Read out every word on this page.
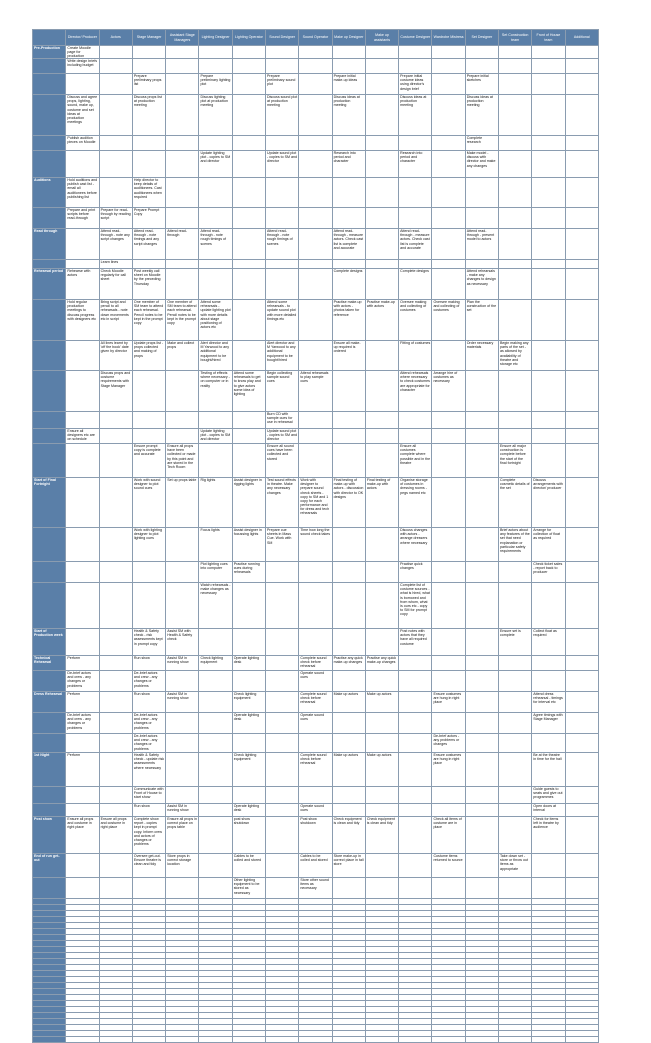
	Director/ Producer	Actors	Stage Manager	Assistant Stage Managers	Lighting Designer	Lighting Operator	Sound Designer	Sound Operator	Make up Designer	Make up assistants	Costume Designer	Wardrobe Mistress	Set Designer	Set Construction team	Front of House team	Additional
Pre-Production	Create Moodle page for production															
	Write design briefs including budget															
			Prepare preliminary props list		Prepare preliminary lighting plot		Prepare preliminary sound plot		Prepare initial make-up ideas		Prepare initial costume ideas using director's design brief		Prepare initial sketches			
	Discuss and agree props, lighting, sound, make up, costume and set ideas at production meetings		Discuss props list at production meeting		Discuss lighting plot at production meeting		Discuss sound plot at production meeting		Discuss ideas at production meeting		Discuss ideas at production meeting		Discuss ideas at production meeting			
	Publish audition pieces on Moodle												Complete research			
					Update lighting plot - copies to SM and director		Update sound plot - copies to SM and director		Research into period and character		Research into period and character		Make model - discuss with director and make any changes			
Auditions	Hold auditions and publish cast list - email all auditionees before publishing list		Help director to keep details of auditionees. Cast auditionees when required													
	Prepare and print scripts before read-through	Prepare for read-through by reading script	Prepare Prompt Copy													
Read through		Attend read-through - note any script changes	Attend read-through - note timings and any script changes	Attend read-through	Attend read-through - note rough timings of scenes		Attend read-through - note rough timings of scenes		Attend read-through - measure actors. Check cast list is complete and accurate		Attend read-through - measure actors. Check cast list is complete and accurate		Attend read-through - present model to actors			
		Learn lines														
Rehearsal period	Rehearse with actors	Check Moodle regularly for call sheet	Post weekly call sheet on Moodle by the preceding Thursday						Complete designs		Complete designs		Attend rehearsals - make any changes to design as necessary			
	Hold regular production meetings to discuss progress with designers etc	Bring script and pencil to all rehearsals - note down movements etc in script	One member of SM team to attend each rehearsal. Pencil notes to be kept in the prompt copy	One member of SM team to attend each rehearsal. Pencil notes to be kept in the prompt copy	Attend some rehearsals - update lighting plot with more details about stage positioning of actors etc		Attend some rehearsals - to update sound plot with more detailed timings etc		Practise make-up with actors - photos taken for reference	Practise make-up with actors	Oversee making and collecting of costumes	Oversee making and collecting of costumes	Plan the construction of the set			
		All lines learnt by 'off the book' date given by director	Update props list - props collected and making of props	Make and collect props	Alert director and M Yarwood to any additional equipment to be bought/hired		Alert director and M Yarwood to any additional equipment to be bought/hired		Ensure all make-up required is ordered		Fitting of costumes		Order necessary materials	Begin making any parts of the set - as allowed by availability of theatre and storage etc		
		Discuss props and costume requirements with Stage Manager			Testing of effects where necessary - on computer or in reality	Attend some rehearsals to get to know play and to give actors some idea of lighting	Begin collecting sample sound cues	Attend rehearsals to play sample cues			Attend rehearsals where necessary to check costumes are appropriate for character	Arrange hire of costumes as necessary				
							Burn CD with sample cues for use in rehearsal									
	Ensure all designers etc are on schedule				Update lighting plot - copies to SM and director		Update sound plot - copies to SM and director									
			Ensure prompt copy is complete and accurate	Ensure all props have been collected or made by this point and are stored in the Tech Room			Ensure all sound cues have been collected and stored				Ensure all costumes complete where possible and in the theatre			Ensure all major construction is complete before the start of the final fortnight		
Start of Final Fortnight			Work with sound designer to plot sound cues	Set up props table	Rig lights	Assist designer in rigging lights	Test sound effects in theatre. Make any necessary changes	Work with designer to prepare sound check sheets - copy to SM and 1 copy for each performance and for dress and tech rehearsals	Final testing of make-up with actors - discussion with director to OK designs	Final testing of make-up with actors	Organise storage of costumes in dressing rooms - pegs named etc			Complete cosmetic details of the set	Discuss arrangements with director/ producer	
			Work with lighting designer to plot lighting cues		Focus lights	Assist designer in focussing lights	Prepare cue sheets in Mass Cue. Work with SM	Time how long the sound check takes			Discuss changes with actors - arrange dressers where necessary			Brief actors about any features of the set that need explanation or particular safety requirements	Arrange for collection of float as required	
					Plot lighting cues into computer	Practise running cues during rehearsals					Practise quick changes				Check ticket sales - report back to producer	
					Watch rehearsals - make changes as necessary						Complete list of costume sources - what is hired, what is borrowed and from whom, what is ours etc - copy to SM for prompt copy					
Start of Production week			Health & Safety check - risk assessments kept in prompt copy	Assist SM with Health & Safety check							Post notes with actors that they have all required costume			Ensure set is complete	Collect float as required	
Technical Rehearsal	Perform		Run show	Assist SM in running show	Check lighting equipment	Operate lighting desk		Complete sound check before rehearsal	Practise any quick make-up changes	Practise any quick make-up changes						
	De-brief actors and crew - any changes or problems		De-brief actors and crew - any changes or problems					Operate sound cues								
Dress Rehearsal	Perform		Run show	Assist SM in running show		Check lighting equipment		Complete sound check before rehearsal	Make up actors	Make up actors		Ensure costumes are hung in right place			Attend dress rehearsal - timings for interval etc	
	De-brief actors and crew - any changes or problems		De-brief actors and crew - any changes or problems			Operate lighting desk		Operate sound cues							Agree timings with Stage Manager	
			De-brief actors and crew - any changes or problems									De-brief actors - any problems or changes				
1st Night	Perform		Health & Safety check - update risk assessments where necessary			Check lighting equipment		Complete sound check before rehearsal	Make up actors	Make up actors		Ensure costumes are hung in right place			Be at the theatre in time for the hall	
			Communicate with Front of House to start show												Guide guests to seats and give out programmes	
			Run show	Assist SM in running show		Operate lighting desk		Operate sound cues							Open doors at interval	
Post show	Ensure all props and costume in right place	Ensure all props and costume in right place	Complete show report - copies kept in prompt copy. Inform crew and actors of changes or problems	Ensure all props in correct place on props table		post show shutdown		Post show shutdown	Check equipment is clean and tidy	Check equipment is clean and tidy		Check all items of costume are in place			Check for items left in theatre by audience	
End of run get-out			Oversee get-out. Ensure theatre is clean and tidy	Store props in correct storage location		Cables to be coiled and stored		Cables to be coiled and stored	Store make-up in correct place in tall store			Costume items returned to source		Take down set - store or throw out items as appropriate		
						Other lighting equipment to be stored as necessary		Store other sound items as necessary								
